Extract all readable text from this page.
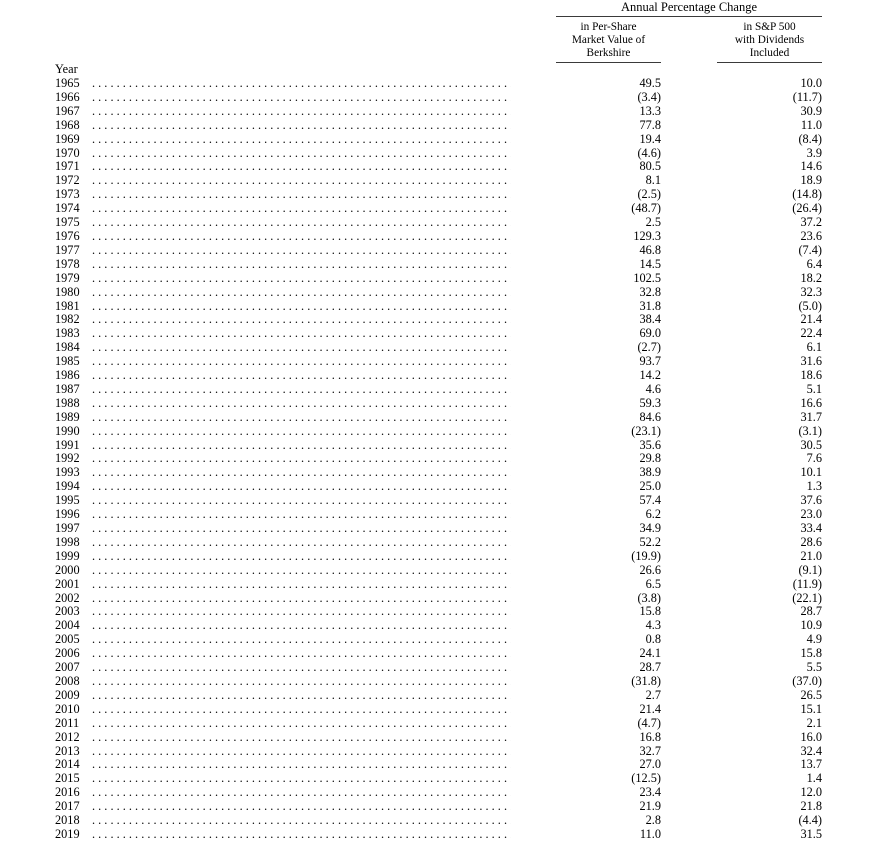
Annual Percentage Change
in Per-Share
Market Value of
Berkshire
in S&P 500
with Dividends
Included
Year
1965 . . .	49.5	10.0
1966 . . .	(3.4)	(11.7)
1967 . . .	13.3	30.9
1968 . . .	77.8	11.0
1969 . . .	19.4	(8.4)
1970 . . .	(4.6)	3.9
1971 . . .	80.5	14.6
1972 . . .	8.1	18.9
1973 . . .	(2.5)	(14.8)
1974 . . .	(48.7)	(26.4)
1975 . . .	2.5	37.2
1976 . . .	129.3	23.6
1977 . . .	46.8	(7.4)
1978 . . .	14.5	6.4
1979 . . .	102.5	18.2
1980 . . .	32.8	32.3
1981 . . .	31.8	(5.0)
1982 . . .	38.4	21.4
1983 . . .	69.0	22.4
1984 . . .	(2.7)	6.1
1985 . . .	93.7	31.6
1986 . . .	14.2	18.6
1987 . . .	4.6	5.1
1988 . . .	59.3	16.6
1989 . . .	84.6	31.7
1990 . . .	(23.1)	(3.1)
1991 . . .	35.6	30.5
1992 . . .	29.8	7.6
1993 . . .	38.9	10.1
1994 . . .	25.0	1.3
1995 . . .	57.4	37.6
1996 . . .	6.2	23.0
1997 . . .	34.9	33.4
1998 . . .	52.2	28.6
1999 . . .	(19.9)	21.0
2000 . . .	26.6	(9.1)
2001 . . .	6.5	(11.9)
2002 . . .	(3.8)	(22.1)
2003 . . .	15.8	28.7
2004 . . .	4.3	10.9
2005 . . .	0.8	4.9
2006 . . .	24.1	15.8
2007 . . .	28.7	5.5
2008 . . .	(31.8)	(37.0)
2009 . . .	2.7	26.5
2010 . . .	21.4	15.1
2011 . . .	(4.7)	2.1
2012 . . .	16.8	16.0
2013 . . .	32.7	32.4
2014 . . .	27.0	13.7
2015 . . .	(12.5)	1.4
2016 . . .	23.4	12.0
2017 . . .	21.9	21.8
2018 . . .	2.8	(4.4)
2019 . . .	11.0	31.5
